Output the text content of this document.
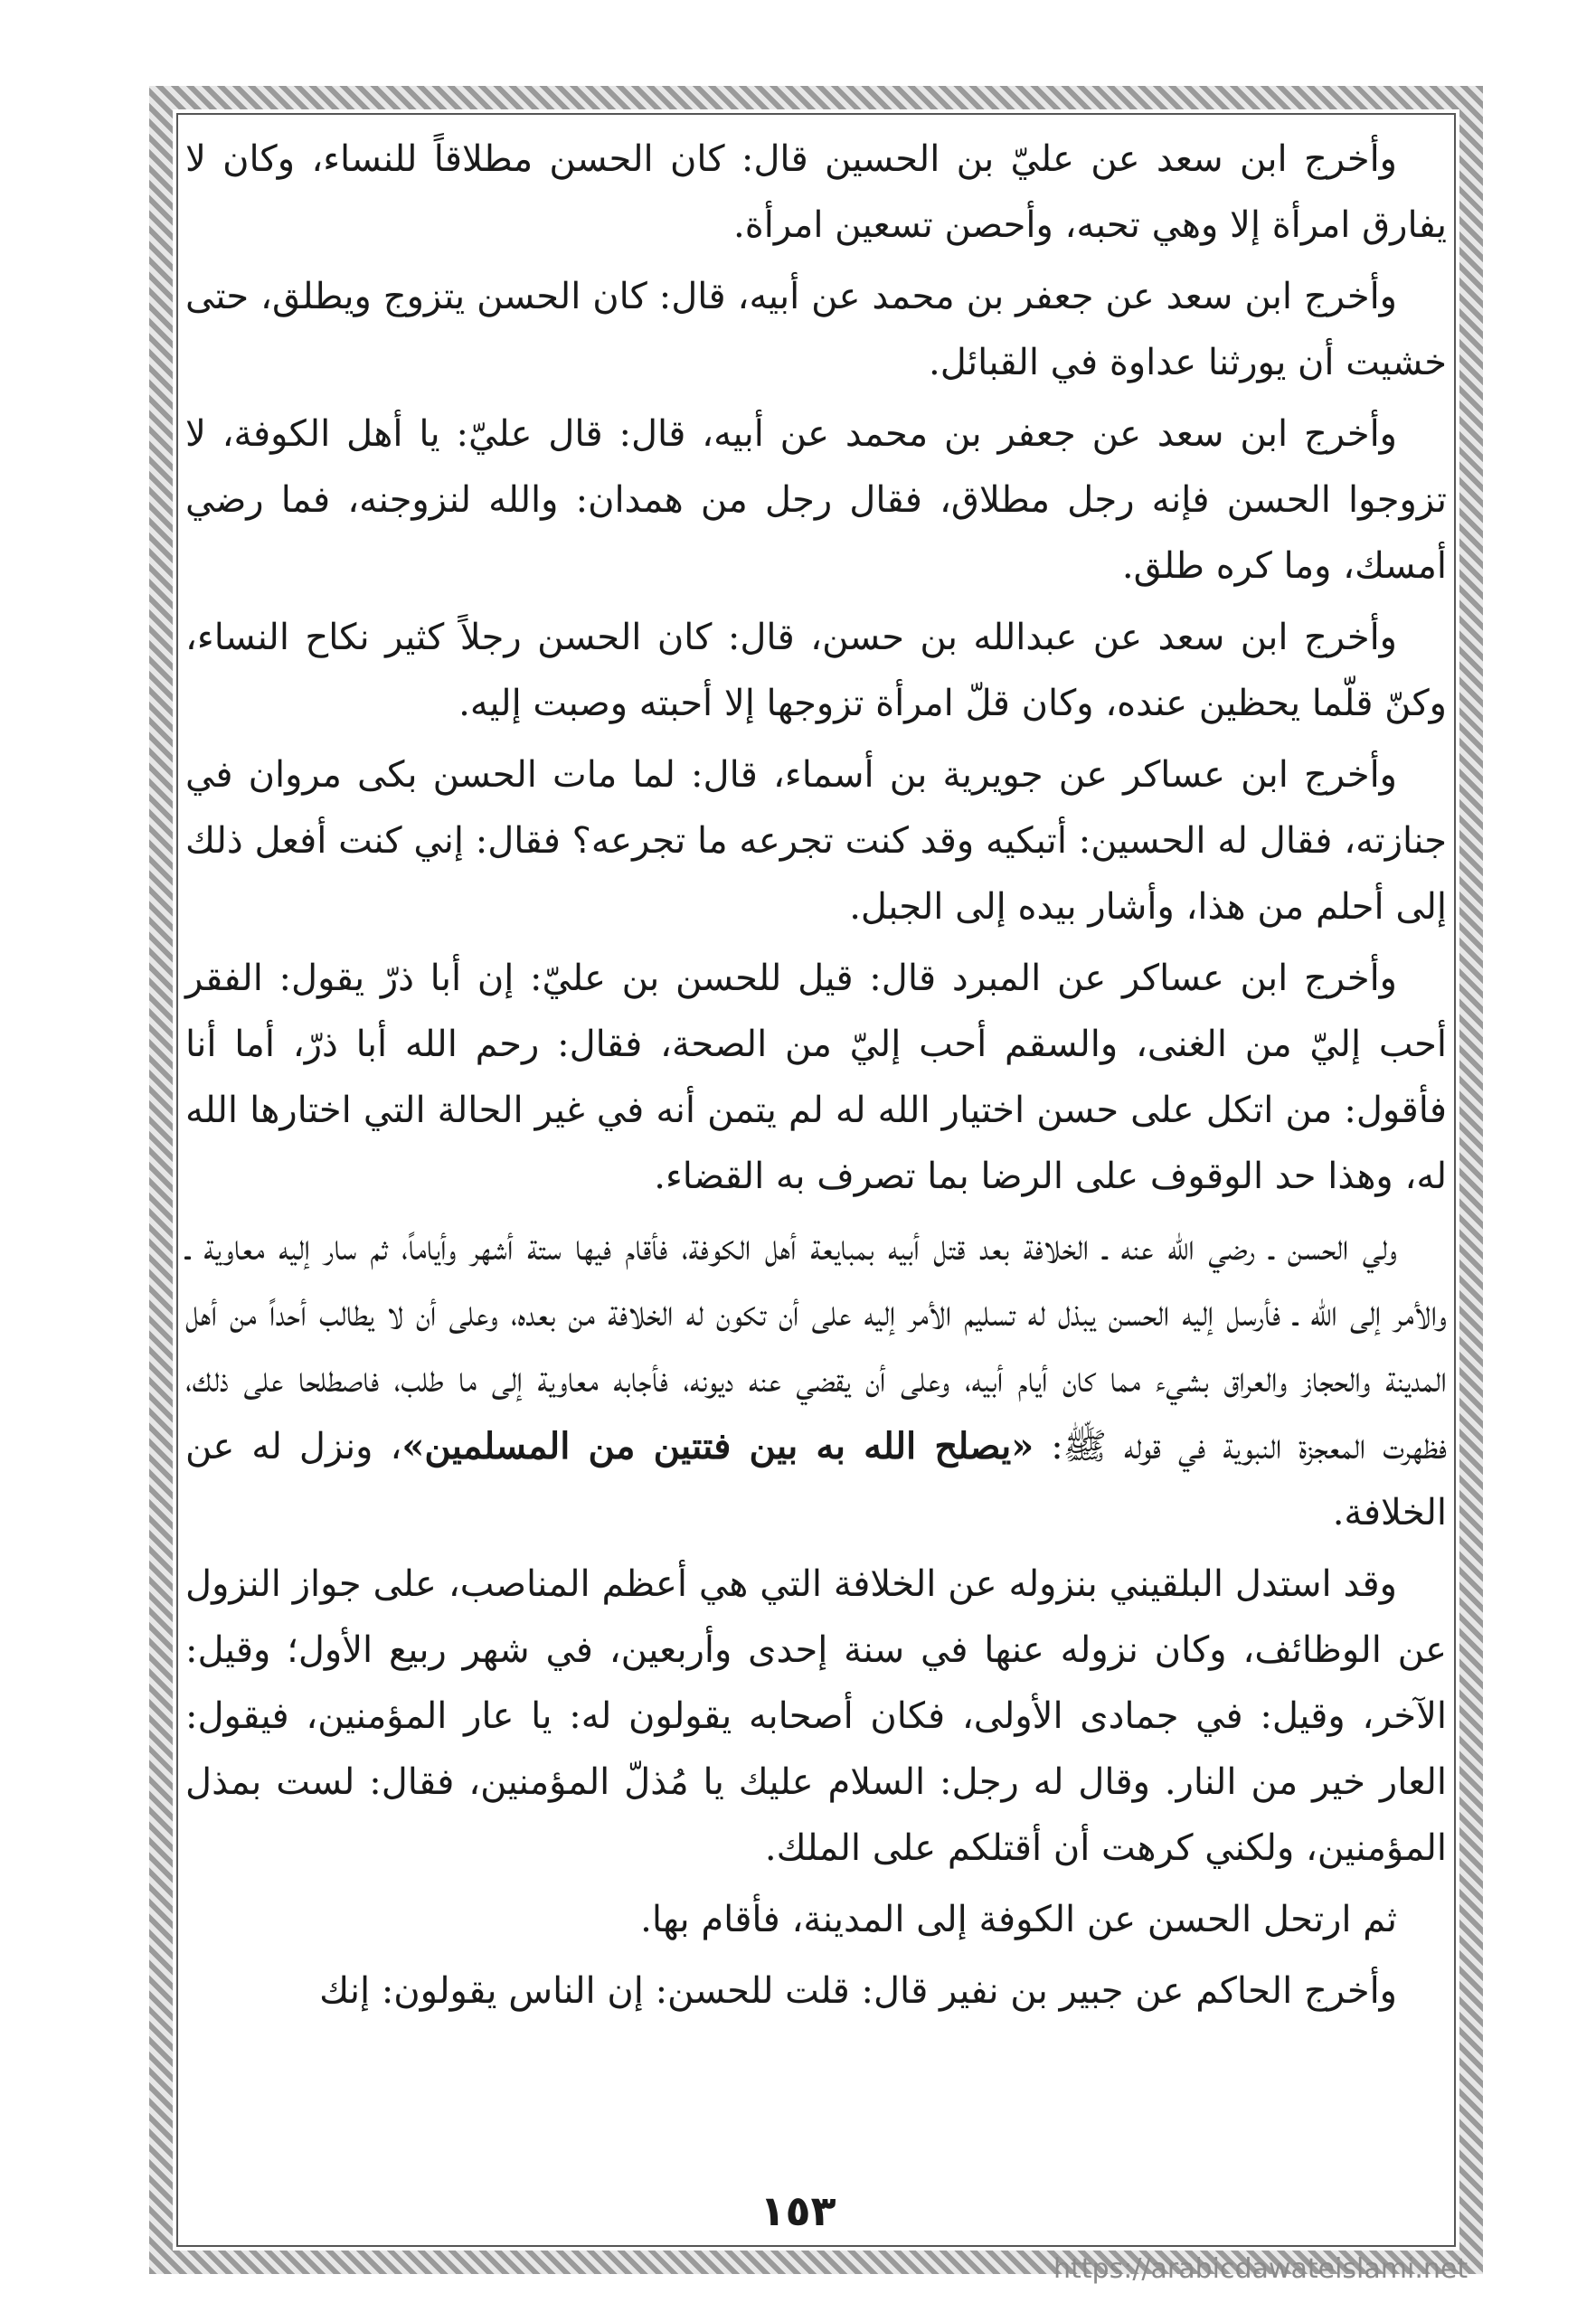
وأخرج ابن سعد عن عليّ بن الحسين قال: كان الحسن مطلاقاً للنساء، وكان لا يفارق امرأة إلا وهي تحبه، وأحصن تسعين امرأة.

وأخرج ابن سعد عن جعفر بن محمد عن أبيه، قال: كان الحسن يتزوج ويطلق، حتى خشيت أن يورثنا عداوة في القبائل.

وأخرج ابن سعد عن جعفر بن محمد عن أبيه، قال: قال عليّ: يا أهل الكوفة، لا تزوجوا الحسن فإنه رجل مطلاق، فقال رجل من همدان: والله لنزوجنه، فما رضي أمسك، وما كره طلق.

وأخرج ابن سعد عن عبدالله بن حسن، قال: كان الحسن رجلاً كثير نكاح النساء، وكنّ قلّما يحظين عنده، وكان قلّ امرأة تزوجها إلا أحبته وصبت إليه.

وأخرج ابن عساكر عن جويرية بن أسماء، قال: لما مات الحسن بكى مروان في جنازته، فقال له الحسين: أتبكيه وقد كنت تجرعه ما تجرعه؟ فقال: إني كنت أفعل ذلك إلى أحلم من هذا، وأشار بيده إلى الجبل.

وأخرج ابن عساكر عن المبرد قال: قيل للحسن بن عليّ: إن أبا ذرّ يقول: الفقر أحب إليّ من الغنى، والسقم أحب إليّ من الصحة، فقال: رحم الله أبا ذرّ، أما أنا فأقول: من اتكل على حسن اختيار الله له لم يتمن أنه في غير الحالة التي اختارها الله له، وهذا حد الوقوف على الرضا بما تصرف به القضاء.

ولي الحسن ـ رضي الله عنه ـ الخلافة بعد قتل أبيه بمبايعة أهل الكوفة، فأقام فيها ستة أشهر وأياماً، ثم سار إليه معاوية ـ والأمر إلى الله ـ فأرسل إليه الحسن يبذل له تسليم الأمر إليه على أن تكون له الخلافة من بعده، وعلى أن لا يطالب أحداً من أهل المدينة والحجاز والعراق بشيء مما كان أيام أبيه، وعلى أن يقضي عنه ديونه، فأجابه معاوية إلى ما طلب، فاصطلحا على ذلك، فظهرت المعجزة النبوية في قوله ﷺ: «يصلح الله به بين فتتين من المسلمين»، ونزل له عن الخلافة.

وقد استدل البلقيني بنزوله عن الخلافة التي هي أعظم المناصب، على جواز النزول عن الوظائف، وكان نزوله عنها في سنة إحدى وأربعين، في شهر ربيع الأول؛ وقيل: الآخر، وقيل: في جمادى الأولى، فكان أصحابه يقولون له: يا عار المؤمنين، فيقول: العار خير من النار. وقال له رجل: السلام عليك يا مُذلّ المؤمنين، فقال: لست بمذل المؤمنين، ولكني كرهت أن أقتلكم على الملك.

ثم ارتحل الحسن عن الكوفة إلى المدينة، فأقام بها.

وأخرج الحاكم عن جبير بن نفير قال: قلت للحسن: إن الناس يقولون: إنك

١٥٣
https://arabicdawateislami.net
